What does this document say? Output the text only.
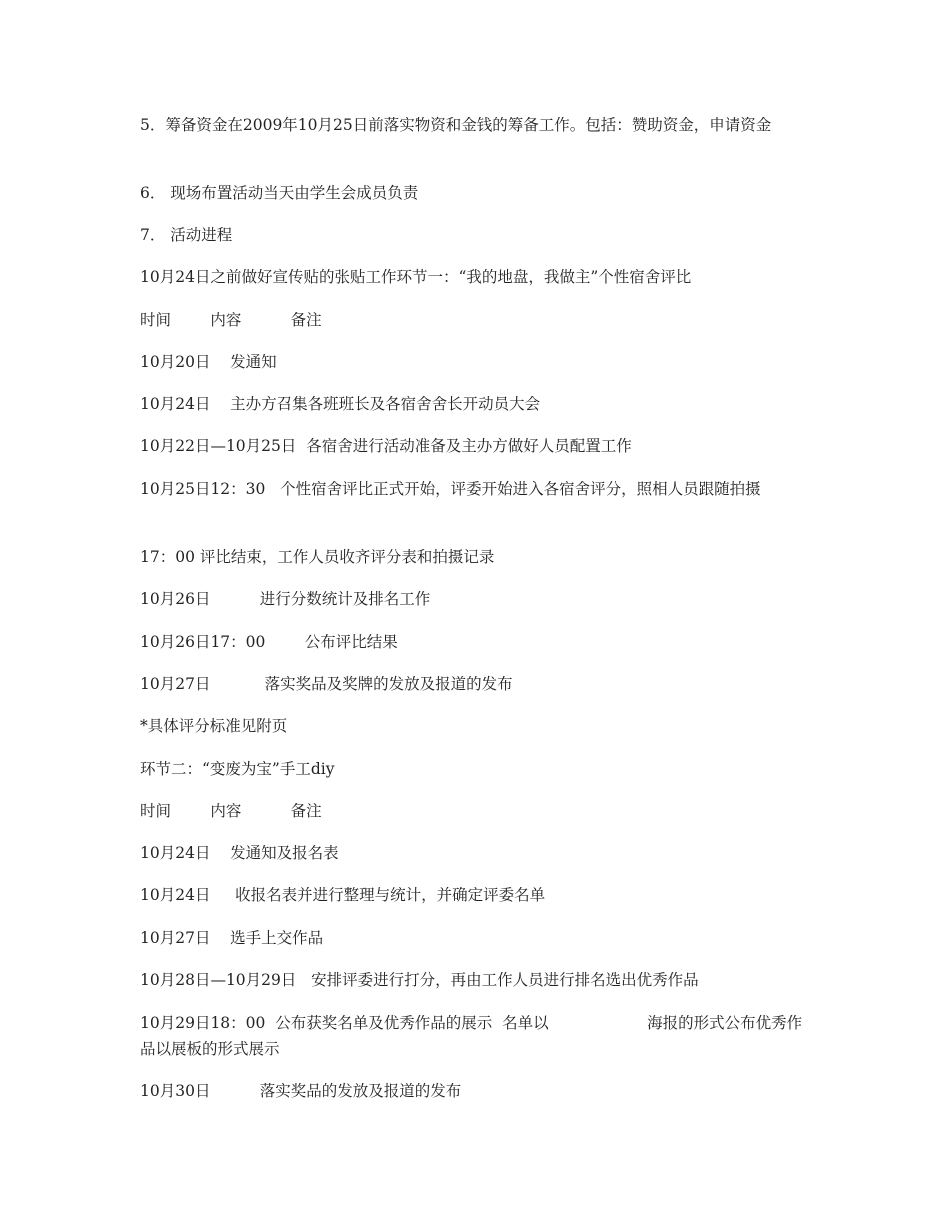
5．筹备资金在2009年10月25日前落实物资和金钱的筹备工作。包括：赞助资金，申请资金

6． 现场布置活动当天由学生会成员负责

7． 活动进程

10月24日之前做好宣传贴的张贴工作环节一：“我的地盘，我做主”个性宿舍评比

时间        内容          备注

10月20日    发通知

10月24日    主办方召集各班班长及各宿舍舍长开动员大会

10月22日—10月25日  各宿舍进行活动准备及主办方做好人员配置工作

10月25日12：30   个性宿舍评比正式开始，评委开始进入各宿舍评分，照相人员跟随拍摄

17：00 评比结束，工作人员收齐评分表和拍摄记录

10月26日          进行分数统计及排名工作

10月26日17：00        公布评比结果

10月27日           落实奖品及奖牌的发放及报道的发布

*具体评分标准见附页

环节二：“变废为宝”手工diy

时间        内容          备注

10月24日    发通知及报名表

10月24日     收报名表并进行整理与统计，并确定评委名单

10月27日    选手上交作品

10月28日—10月29日   安排评委进行打分，再由工作人员进行排名选出优秀作品

10月29日18：00  公布获奖名单及优秀作品的展示  名单以                    海报的形式公布优秀作品以展板的形式展示

10月30日          落实奖品的发放及报道的发布
